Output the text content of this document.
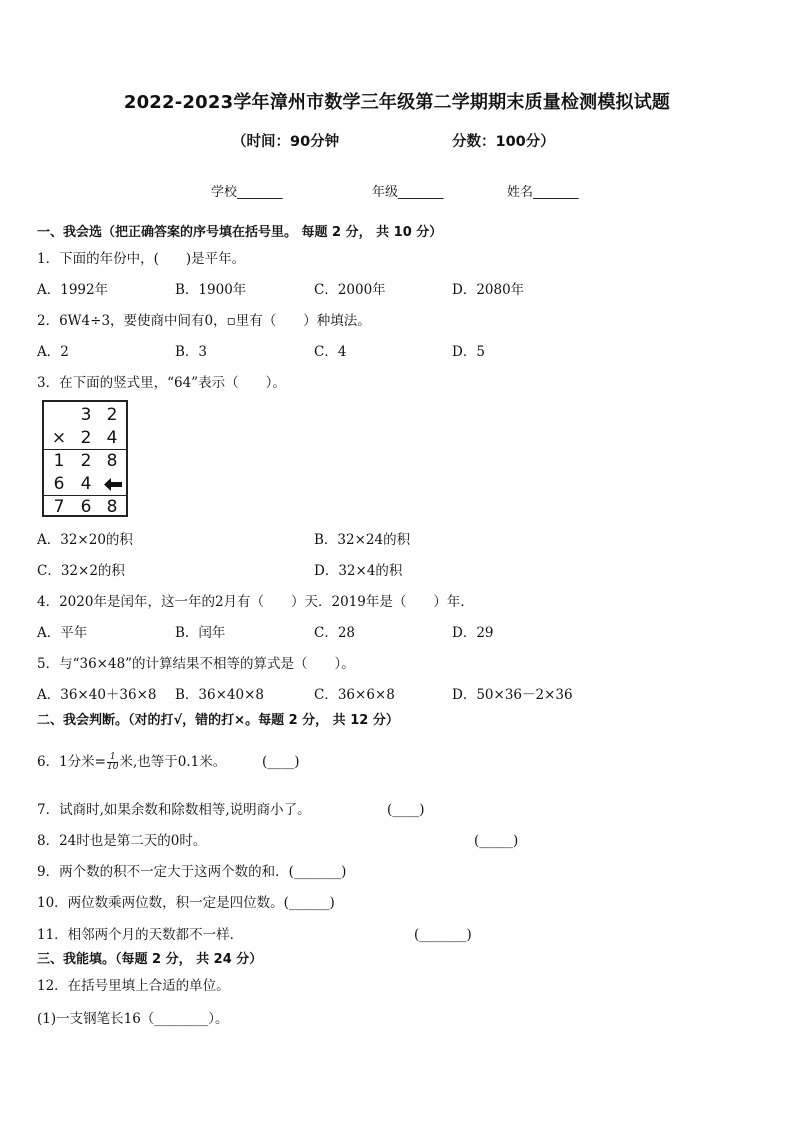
2022-2023学年漳州市数学三年级第二学期期末质量检测模拟试题
（时间：90分钟	分数：100分）
学校_______	年级_______	姓名_______
一、我会选（把正确答案的序号填在括号里。 每题 2 分， 共 10 分）
1．下面的年份中，(　　)是平年。
A．1992年	B．1900年	C．2000年	D．2080年
2．6W4÷3，要使商中间有0，▫里有（　　）种填法。
A．2	B．3	C．4	D．5
3．在下面的竖式里，“64”表示（　　）。
3 2
× 2 4
1 2 8
6 4
7 6 8
A．32×20的积	B．32×24的积
C．32×2的积	D．32×4的积
4．2020年是闰年，这一年的2月有（　　）天．2019年是（　　）年．
A．平年	B．闰年	C．28	D．29
5．与“36×48”的计算结果不相等的算式是（　　）。
A．36×40＋36×8 B．36×40×8	C．36×6×8	D．50×36－2×36
二、我会判断。（对的打√，错的打×。每题 2 分， 共 12 分）
6．1分米= $\frac{1}{10}$ 米,也等于0.1米。	(____)
7．试商时,如果余数和除数相等,说明商小了。	(____)
8．24时也是第二天的0时。	(_____)
9．两个数的积不一定大于这两个数的和．(_______)
10．两位数乘两位数，积一定是四位数。(______)
11．相邻两个月的天数都不一样．	(_______)
三、我能填。（每题 2 分， 共 24 分）
12．在括号里填上合适的单位。
(1)一支钢笔长16（________）。
